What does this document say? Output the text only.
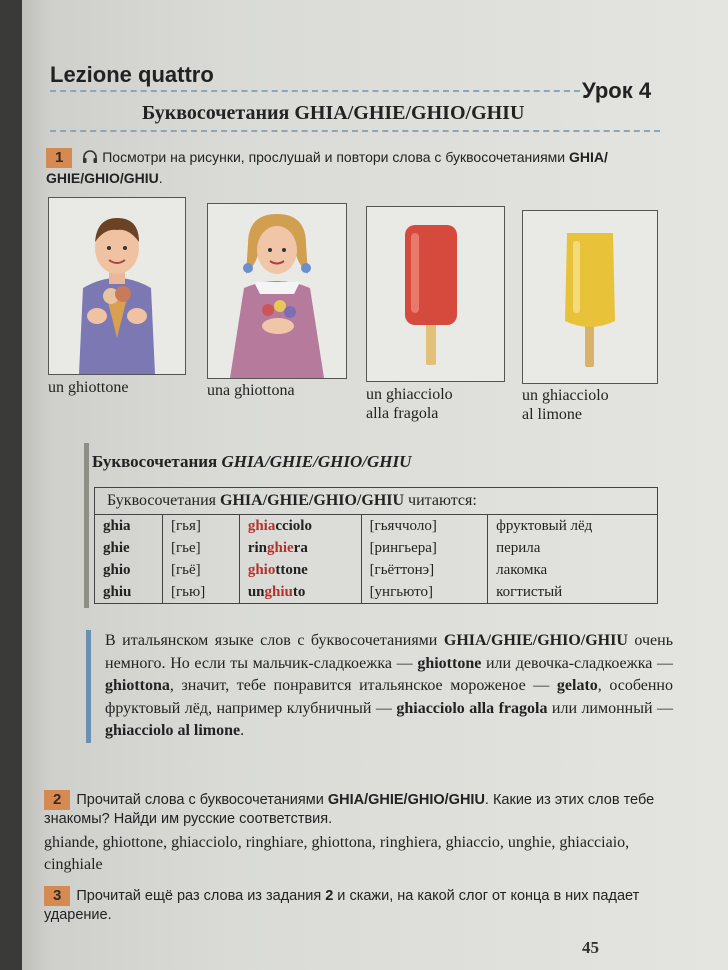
Lezione quattro
Урок 4
Буквосочетания GHIA/GHIE/GHIO/GHIU
1	Посмотри на рисунки, прослушай и повтори слова с буквосочетаниями GHIA/
GHIE/GHIO/GHIU.
un ghiottone	una ghiottona	un ghiacciolo
alla fragola
un ghiacciolo
al limone
Буквосочетания GHIA/GHIE/GHIO/GHIU
Буквосочетания GHIA/GHIE/GHIO/GHIU читаются:				
ghia	[гья]	ghiacciolo	[гьяччоло]	фруктовый лёд
ghie	[гье]	ringhiera	[рингьера]	перила
ghio	[гьё]	ghiottone	[гьёттонэ]	лакомка
ghiu	[гью]	unghiuto	[унгьюто]	когтистый
В итальянском языке слов с буквосочетаниями GHIA/GHIE/GHIO/GHIU очень немного. Но если ты мальчик-сладкоежка — ghiottone или девочка-сладкоежка — ghiottona, значит, тебе понравится итальянское мороженое — gelato, особенно фруктовый лёд, например клубничный — ghiacciolo alla fragola или лимонный — ghiacciolo al limone.
2 Прочитай слова с буквосочетаниями GHIA/GHIE/GHIO/GHIU. Какие из этих слов тебе знакомы? Найди им русские соответствия.
ghiande, ghiottone, ghiacciolo, ringhiare, ghiottona, ringhiera, ghiaccio, unghie, ghiacciaio, cinghiale
3 Прочитай ещё раз слова из задания 2 и скажи, на какой слог от конца в них падает ударение.
45
